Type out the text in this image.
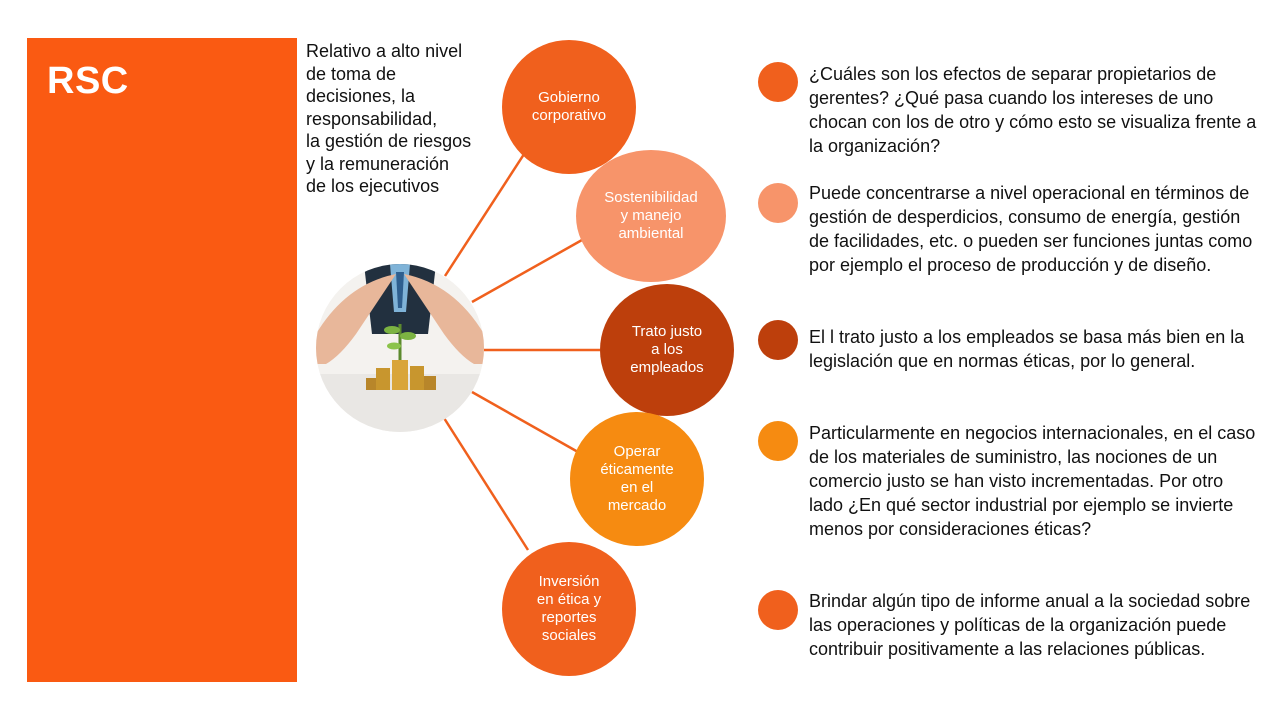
RSC
Relativo a alto nivel
de toma de
decisiones, la
responsabilidad,
la gestión de riesgos
y la remuneración
de los ejecutivos
Gobierno
corporativo
Sostenibilidad
y manejo
ambiental
Trato justo
a los
empleados
Operar
éticamente
en el
mercado
Inversión
en ética y
reportes
sociales
¿Cuáles son los efectos de separar propietarios de gerentes? ¿Qué pasa cuando los intereses de uno chocan con los de otro y cómo esto se visualiza frente a la organización?
Puede concentrarse a nivel operacional en términos de gestión de desperdicios, consumo de energía, gestión de facilidades, etc. o pueden ser funciones juntas como por ejemplo el proceso de producción y de diseño.
El l trato justo a los empleados se basa más bien en la legislación que en normas éticas, por lo general.
Particularmente en negocios internacionales, en el caso de los materiales de suministro, las nociones de un comercio justo se han visto incrementadas. Por otro lado ¿En qué sector industrial por ejemplo se invierte menos por consideraciones éticas?
Brindar algún tipo de informe anual a la sociedad sobre las operaciones y políticas de la organización puede contribuir positivamente a las relaciones públicas.
